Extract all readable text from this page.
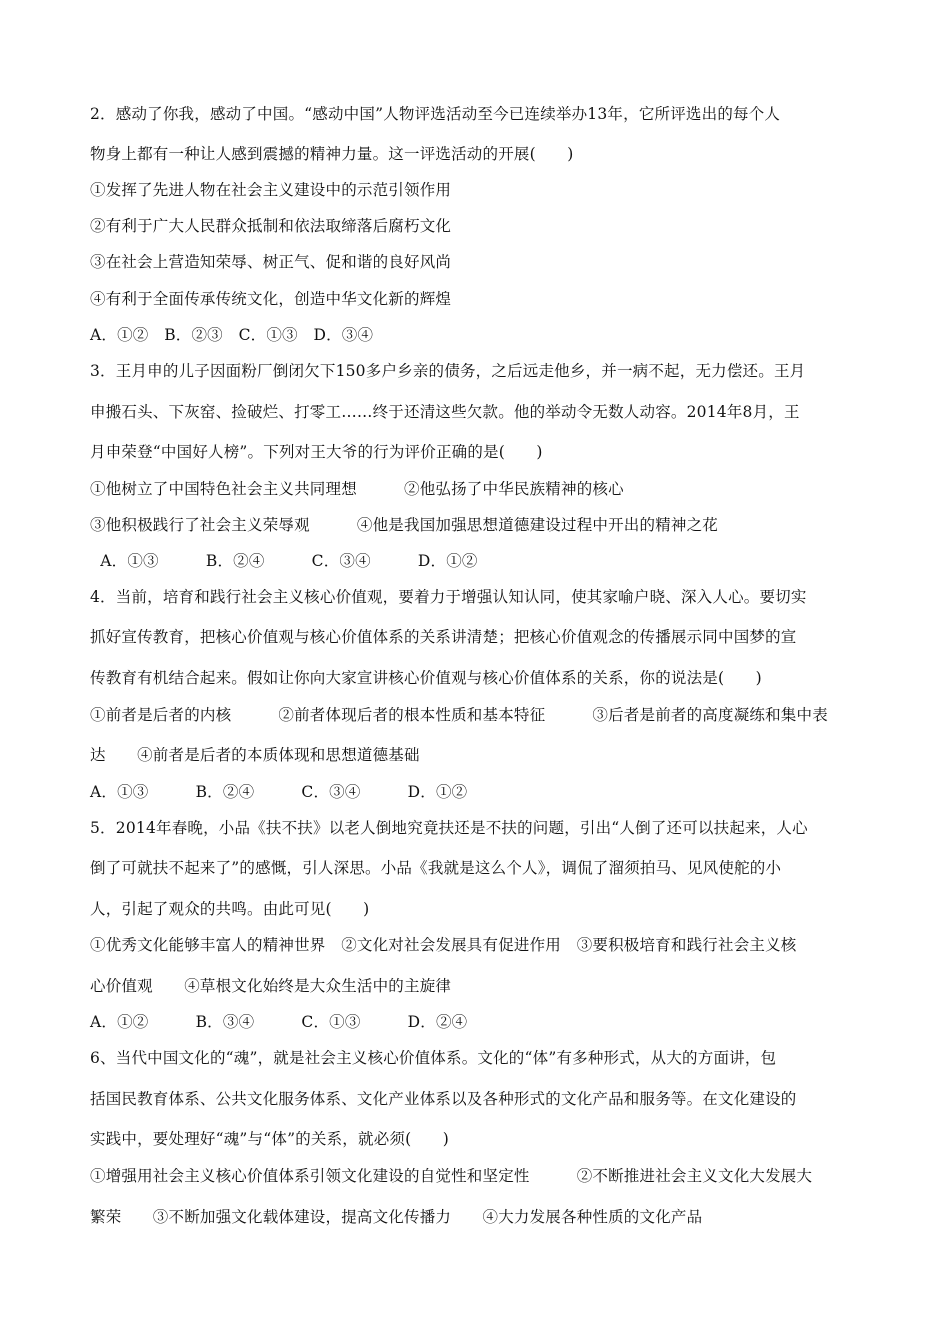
2．感动了你我，感动了中国。“感动中国”人物评选活动至今已连续举办13年，它所评选出的每个人
物身上都有一种让人感到震撼的精神力量。这一评选活动的开展(　　)
①发挥了先进人物在社会主义建设中的示范引领作用
②有利于广大人民群众抵制和依法取缔落后腐朽文化
③在社会上营造知荣辱、树正气、促和谐的良好风尚
④有利于全面传承传统文化，创造中华文化新的辉煌
A．①②　B．②③　C．①③　D．③④
3．王月申的儿子因面粉厂倒闭欠下150多户乡亲的债务，之后远走他乡，并一病不起，无力偿还。王月
申搬石头、下灰窑、捡破烂、打零工……终于还清这些欠款。他的举动令无数人动容。2014年8月，王
月申荣登“中国好人榜”。下列对王大爷的行为评价正确的是(　　)
①他树立了中国特色社会主义共同理想　　　②他弘扬了中华民族精神的核心
③他积极践行了社会主义荣辱观　　　④他是我国加强思想道德建设过程中开出的精神之花
A．①③　　　B．②④　　　C．③④　　　D．①②
4．当前，培育和践行社会主义核心价值观，要着力于增强认知认同，使其家喻户晓、深入人心。要切实
抓好宣传教育，把核心价值观与核心价值体系的关系讲清楚；把核心价值观念的传播展示同中国梦的宣
传教育有机结合起来。假如让你向大家宣讲核心价值观与核心价值体系的关系，你的说法是(　　)
①前者是后者的内核　　　②前者体现后者的根本性质和基本特征　　　③后者是前者的高度凝练和集中表
达　　④前者是后者的本质体现和思想道德基础
A．①③　　　B．②④　　　C．③④　　　D．①②
5．2014年春晚，小品《扶不扶》以老人倒地究竟扶还是不扶的问题，引出“人倒了还可以扶起来，人心
倒了可就扶不起来了”的感慨，引人深思。小品《我就是这么个人》，调侃了溜须拍马、见风使舵的小
人，引起了观众的共鸣。由此可见(　　)
①优秀文化能够丰富人的精神世界　②文化对社会发展具有促进作用　③要积极培育和践行社会主义核
心价值观　　④草根文化始终是大众生活中的主旋律
A．①②　　　B．③④　　　C．①③　　　D．②④
6、当代中国文化的“魂”，就是社会主义核心价值体系。文化的“体”有多种形式，从大的方面讲，包
括国民教育体系、公共文化服务体系、文化产业体系以及各种形式的文化产品和服务等。在文化建设的
实践中，要处理好“魂”与“体”的关系，就必须(　　)
①增强用社会主义核心价值体系引领文化建设的自觉性和坚定性　　　②不断推进社会主义文化大发展大
繁荣　　③不断加强文化载体建设，提高文化传播力　　④大力发展各种性质的文化产品
